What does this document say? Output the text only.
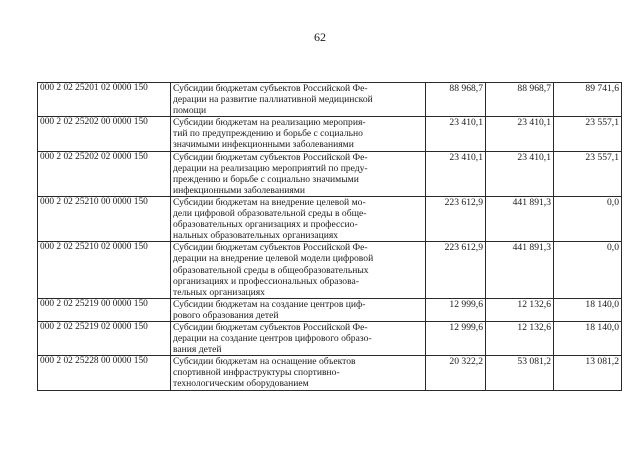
62
000 2 02 25201 02 0000 150	Субсидии бюджетам субъектов Российской Фе-
дерации на развитие паллиативной медицинской
помощи	88 968,7	88 968,7	89 741,6
000 2 02 25202 00 0000 150	Субсидии бюджетам на реализацию мероприя-
тий по предупреждению и борьбе с социально
значимыми инфекционными заболеваниями	23 410,1	23 410,1	23 557,1
000 2 02 25202 02 0000 150	Субсидии бюджетам субъектов Российской Фе-
дерации на реализацию мероприятий по преду-
преждению и борьбе с социально значимыми
инфекционными заболеваниями	23 410,1	23 410,1	23 557,1
000 2 02 25210 00 0000 150	Субсидии бюджетам на внедрение целевой мо-
дели цифровой образовательной среды в обще-
образовательных организациях и профессио-
нальных образовательных организациях	223 612,9	441 891,3	0,0
000 2 02 25210 02 0000 150	Субсидии бюджетам субъектов Российской Фе-
дерации на внедрение целевой модели цифровой
образовательной среды в общеобразовательных
организациях и профессиональных образова-
тельных организациях	223 612,9	441 891,3	0,0
000 2 02 25219 00 0000 150	Субсидии бюджетам на создание центров циф-
рового образования детей	12 999,6	12 132,6	18 140,0
000 2 02 25219 02 0000 150	Субсидии бюджетам субъектов Российской Фе-
дерации на создание центров цифрового образо-
вания детей	12 999,6	12 132,6	18 140,0
000 2 02 25228 00 0000 150	Субсидии бюджетам на оснащение объектов
спортивной инфраструктуры спортивно-
технологическим оборудованием	20 322,2	53 081,2	13 081,2
